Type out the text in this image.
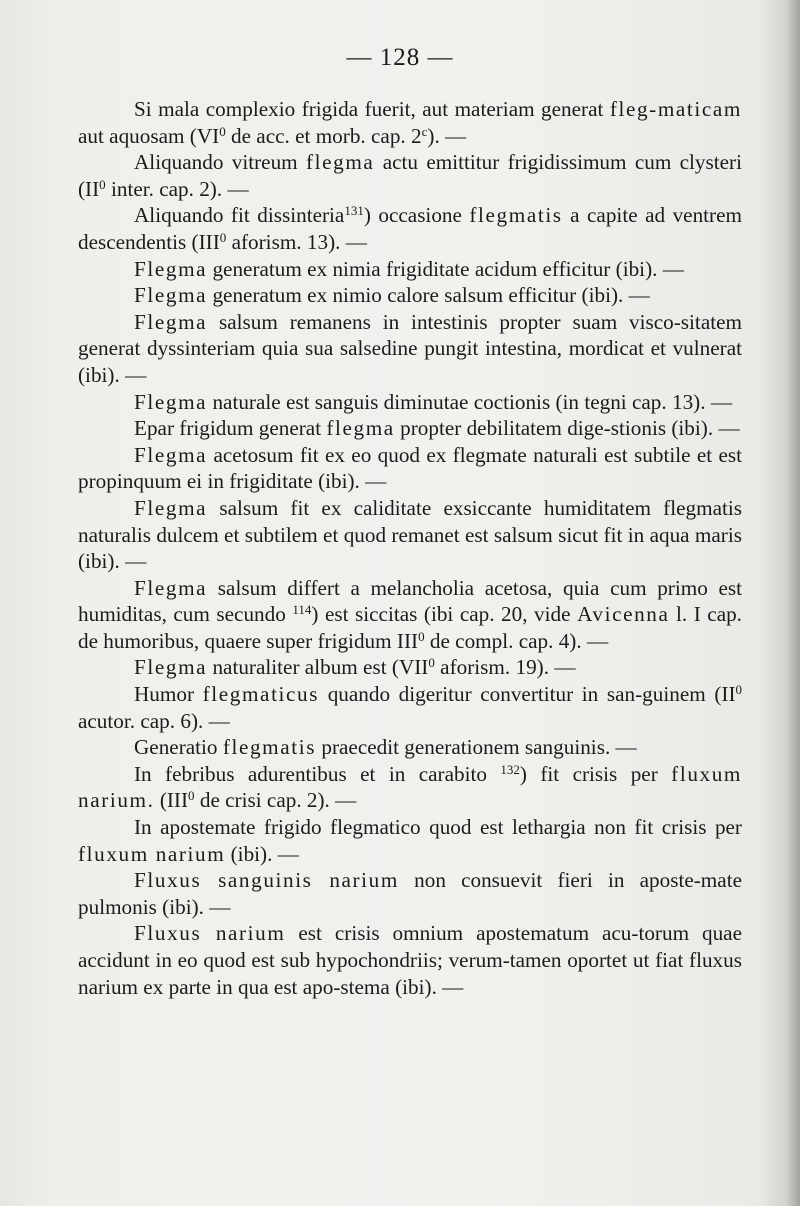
— 128 —

Si mala complexio frigida fuerit, aut materiam generat fleg-maticam aut aquosam ($VI^0$ de acc. et morb. cap. 2$^c$). —

Aliquando vitreum flegma actu emittitur frigidissimum cum clysteri ($II^0$ inter. cap. 2). —

Aliquando fit dissinteria$^{131}$) occasione flegmatis a capite ad ventrem descendentis (III$^0$ aforism. 13). —

Flegma generatum ex nimia frigiditate acidum efficitur (ibi). —

Flegma generatum ex nimio calore salsum efficitur (ibi). —

Flegma salsum remanens in intestinis propter suam visco-sitatem generat dyssinteriam quia sua salsedine pungit intestina, mordicat et vulnerat (ibi). —

Flegma naturale est sanguis diminutae coctionis (in tegni cap. 13). —

Epar frigidum generat flegma propter debilitatem dige-stionis (ibi). —

Flegma acetosum fit ex eo quod ex flegmate naturali est subtile et est propinquum ei in frigiditate (ibi). —

Flegma salsum fit ex caliditate exsiccante humiditatem flegmatis naturalis dulcem et subtilem et quod remanet est salsum sicut fit in aqua maris (ibi). —

Flegma salsum differt a melancholia acetosa, quia cum primo est humiditas, cum secundo $^{114}$) est siccitas (ibi cap. 20, vide Avicenna l. I cap. de humoribus, quaere super frigidum III$^0$ de compl. cap. 4). —

Flegma naturaliter album est (VII$^0$ aforism. 19). —

Humor flegmaticus quando digeritur convertitur in san-guinem ($II^0$ acutor. cap. 6). —

Generatio flegmatis praecedit generationem sanguinis. —

In febribus adurentibus et in carabito $^{132}$) fit crisis per fluxum narium. (III$^0$ de crisi cap. 2). —

In apostemate frigido flegmatico quod est lethargia non fit crisis per fluxum narium (ibi). —

Fluxus sanguinis narium non consuevit fieri in aposte-mate pulmonis (ibi). —

Fluxus narium est crisis omnium apostematum acu-torum quae accidunt in eo quod est sub hypochondriis; verum-tamen oportet ut fiat fluxus narium ex parte in qua est apo-stema (ibi). —
